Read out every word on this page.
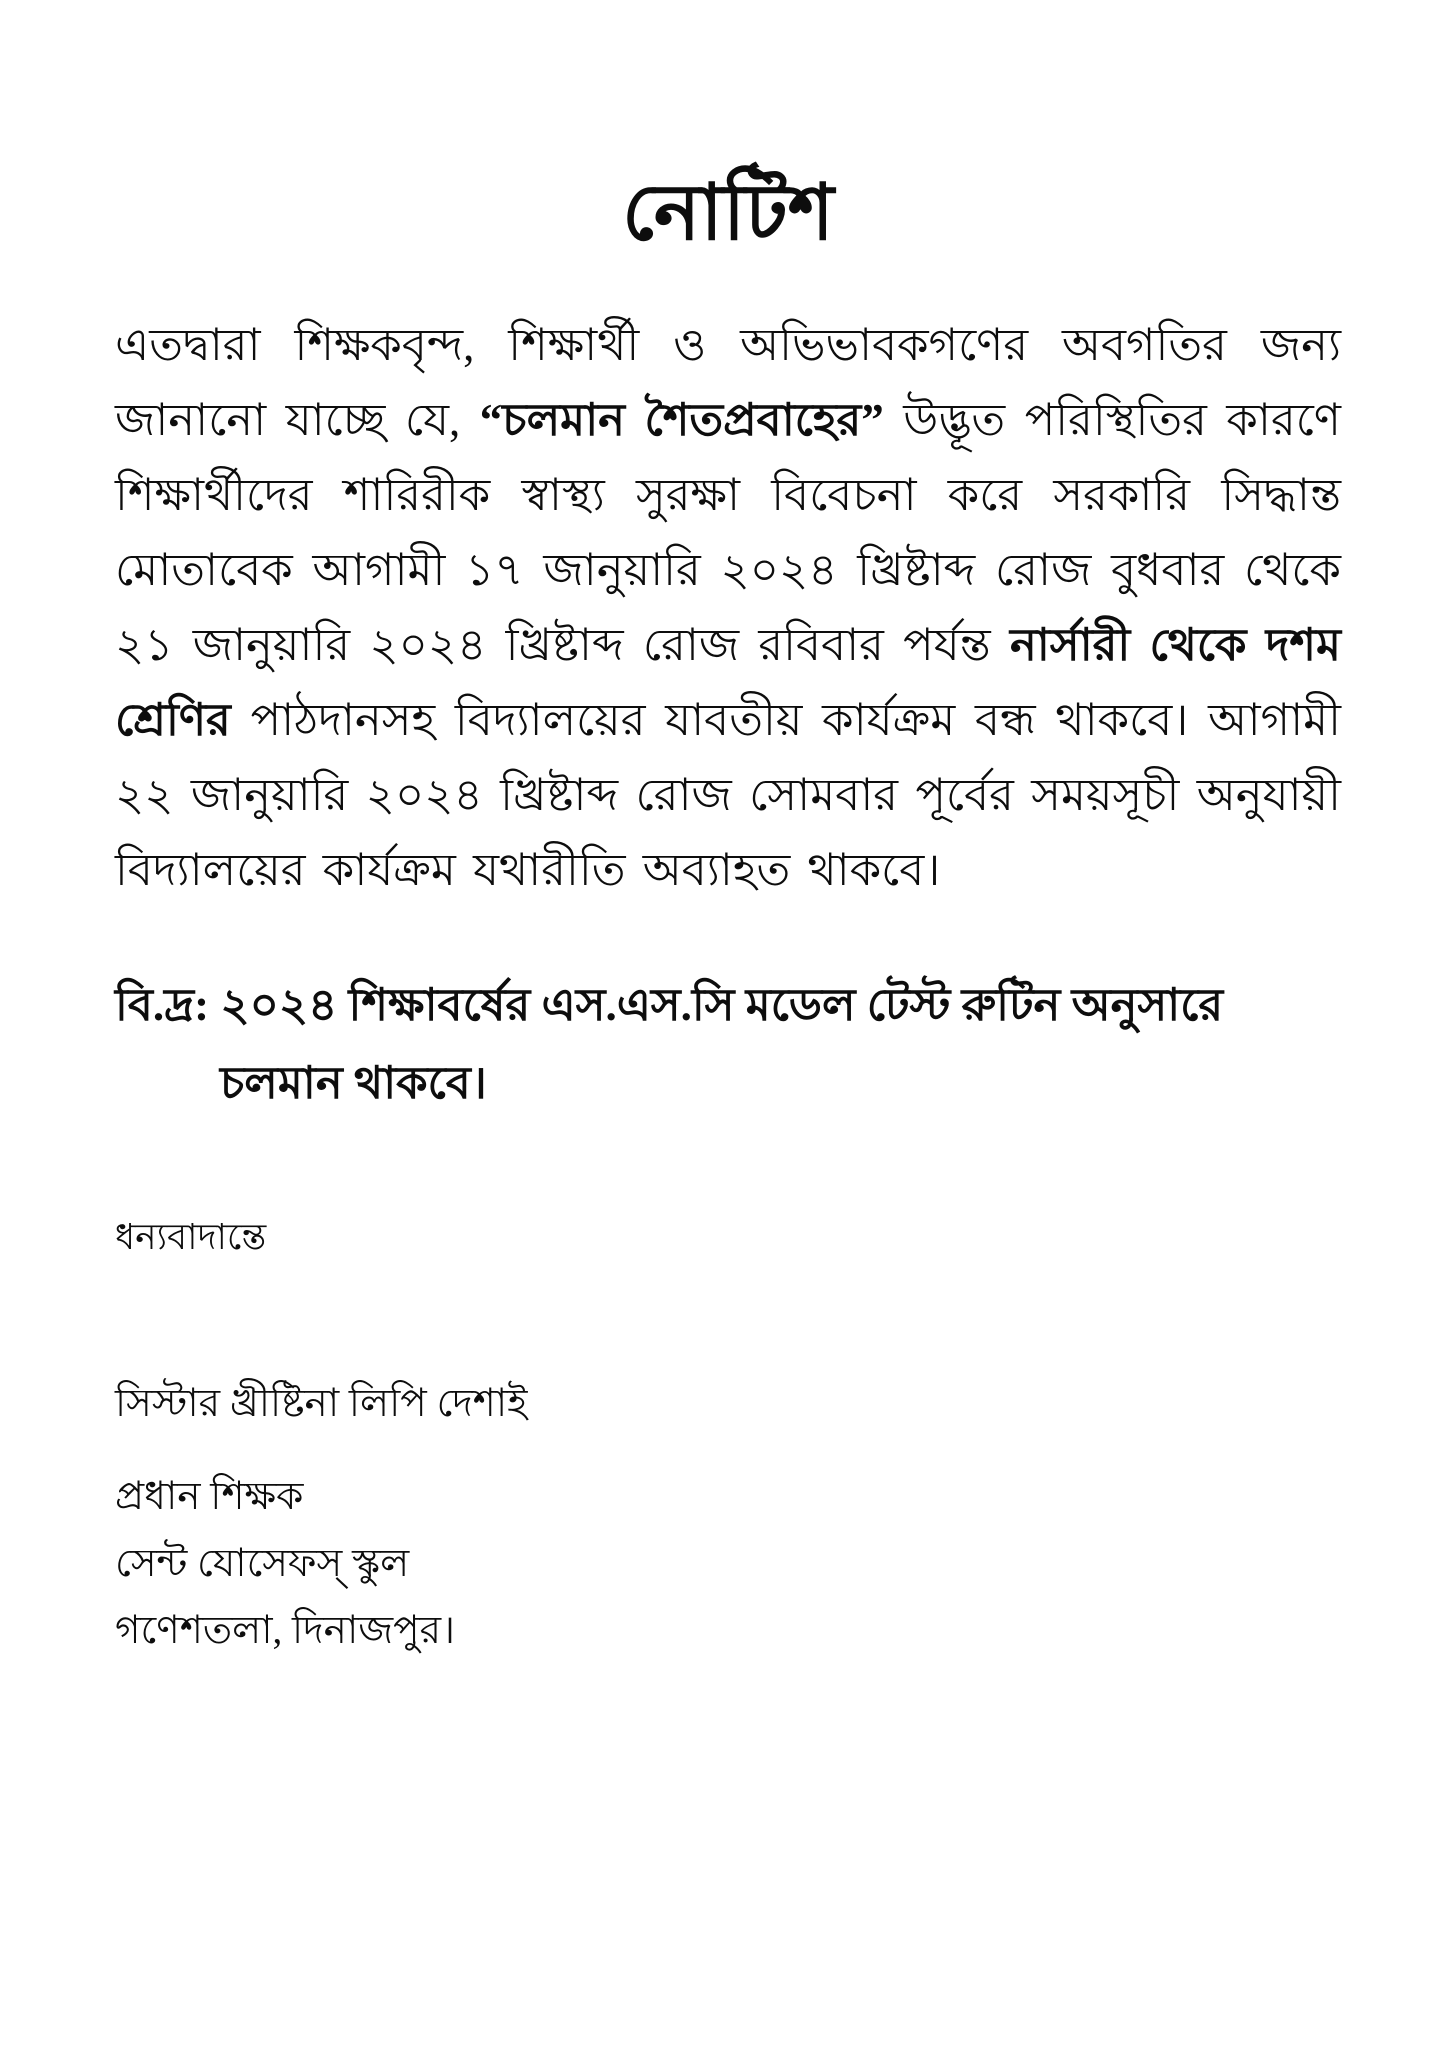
নোটিশ

এতদ্বারা শিক্ষকবৃন্দ, শিক্ষার্থী ও অভিভাবকগণের অবগতির জন্য জানানো যাচ্ছে যে, “চলমান শৈতপ্রবাহের” উদ্ভূত পরিস্থিতির কারণে শিক্ষার্থীদের শারিরীক স্বাস্থ্য সুরক্ষা বিবেচনা করে সরকারি সিদ্ধান্ত মোতাবেক আগামী ১৭ জানুয়ারি ২০২৪ খ্রিষ্টাব্দ রোজ বুধবার থেকে ২১ জানুয়ারি ২০২৪ খ্রিষ্টাব্দ রোজ রবিবার পর্যন্ত নার্সারী থেকে দশম শ্রেণির পাঠদানসহ বিদ্যালয়ের যাবতীয় কার্যক্রম বন্ধ থাকবে। আগামী ২২ জানুয়ারি ২০২৪ খ্রিষ্টাব্দ রোজ সোমবার পূর্বের সময়সূচী অনুযায়ী বিদ্যালয়ের কার্যক্রম যথারীতি অব্যাহত থাকবে।

বি.দ্র: ২০২৪ শিক্ষাবর্ষের এস.এস.সি মডেল টেস্ট রুটিন অনুসারে চলমান থাকবে।

ধন্যবাদান্তে

সিস্টার খ্রীষ্টিনা লিপি দেশাই
প্রধান শিক্ষক
সেন্ট যোসেফস্ স্কুল
গণেশতলা, দিনাজপুর।
